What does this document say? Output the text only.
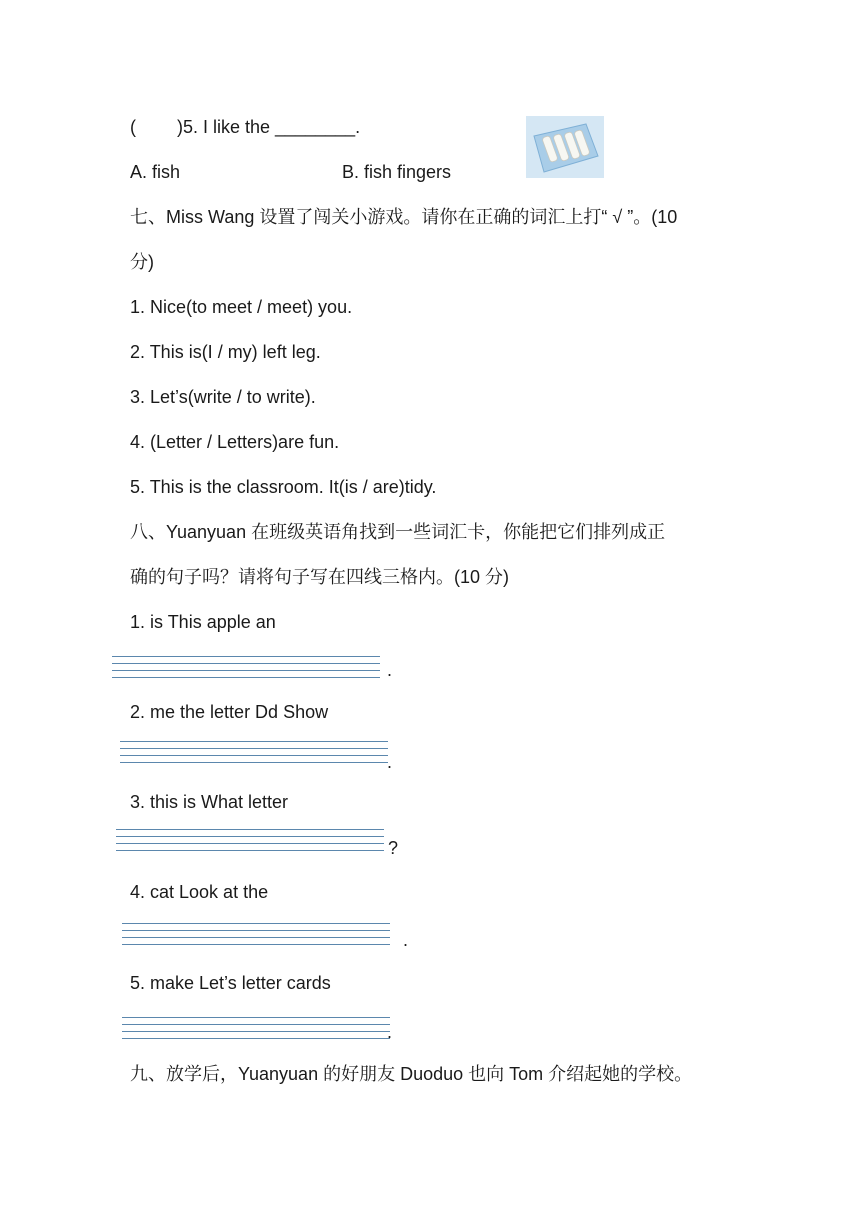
( )5. I like the ________.
A. fish	B. fish fingers
七、Miss Wang 设置了闯关小游戏。请你在正确的词汇上打“ √ ”。(10
分)
1. Nice(to meet / meet) you.
2. This is(I / my) left leg.
3. Let’s(write / to write).
4. (Letter / Letters)are fun.
5. This is the classroom. It(is / are)tidy.
八、Yuanyuan 在班级英语角找到一些词汇卡，你能把它们排列成正
确的句子吗？请将句子写在四线三格内。(10 分)
1. is This apple an
.
2. me the letter Dd Show
.
3. this is What letter
?
4. cat Look at the
.
5. make Let’s letter cards
.
九、放学后，Yuanyuan 的好朋友 Duoduo 也向 Tom 介绍起她的学校。
